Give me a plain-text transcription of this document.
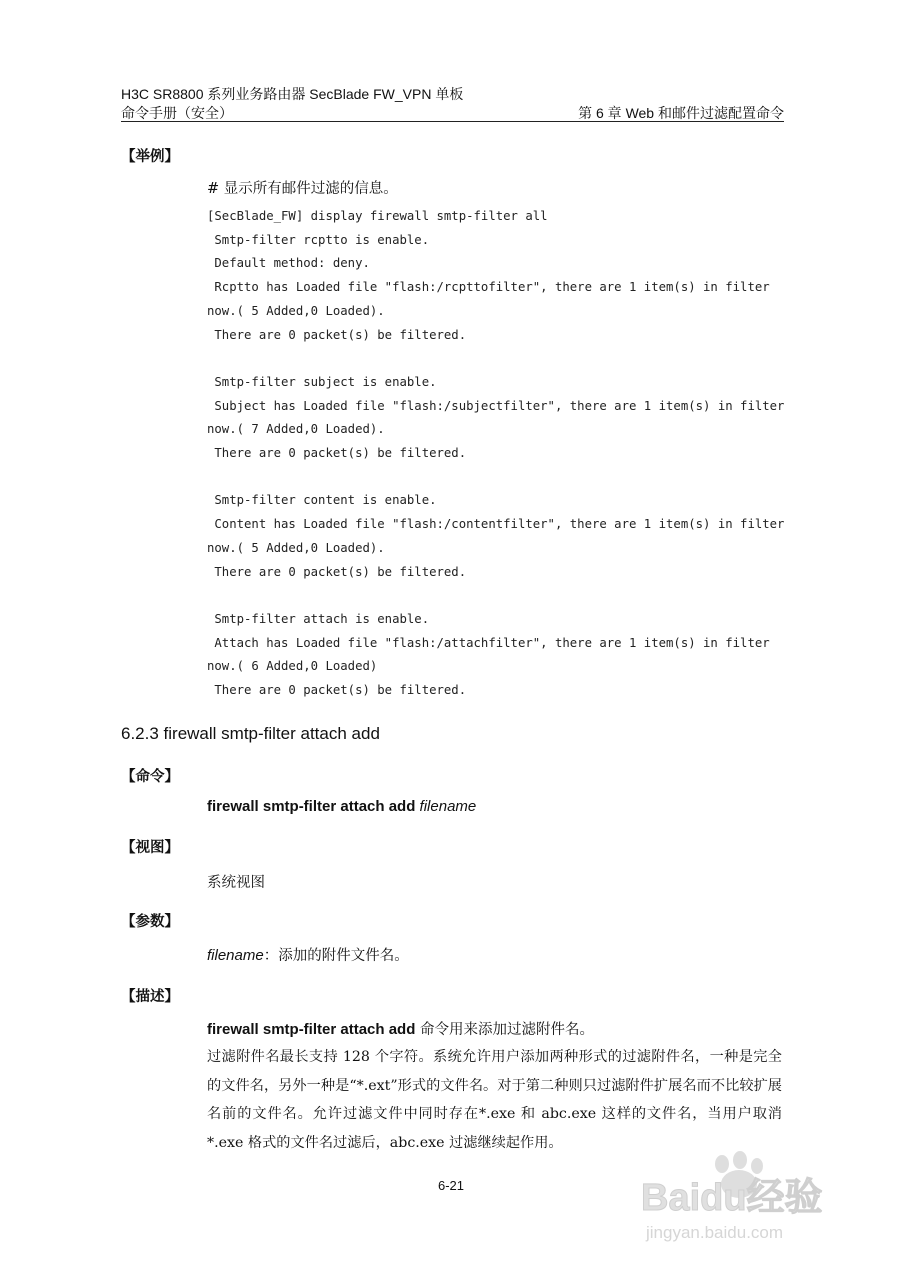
H3C SR8800 系列业务路由器 SecBlade FW_VPN 单板
命令手册（安全）	第 6 章 Web 和邮件过滤配置命令
【举例】
# 显示所有邮件过滤的信息。
[SecBlade_FW] display firewall smtp-filter all
Smtp-filter rcptto is enable.
Default method: deny.
Rcptto has Loaded file "flash:/rcpttofilter", there are 1 item(s) in filter
now.( 5 Added,0 Loaded).
There are 0 packet(s) be filtered.
Smtp-filter subject is enable.
Subject has Loaded file "flash:/subjectfilter", there are 1 item(s) in filter
now.( 7 Added,0 Loaded).
There are 0 packet(s) be filtered.
Smtp-filter content is enable.
Content has Loaded file "flash:/contentfilter", there are 1 item(s) in filter
now.( 5 Added,0 Loaded).
There are 0 packet(s) be filtered.
Smtp-filter attach is enable.
Attach has Loaded file "flash:/attachfilter", there are 1 item(s) in filter
now.( 6 Added,0 Loaded)
There are 0 packet(s) be filtered.
6.2.3 firewall smtp-filter attach add
【命令】
firewall smtp-filter attach add filename
【视图】
系统视图
【参数】
filename：添加的附件文件名。
【描述】
firewall smtp-filter attach add 命令用来添加过滤附件名。
过滤附件名最长支持 128 个字符。系统允许用户添加两种形式的过滤附件名，一种是完全的文件名，另外一种是“*.ext”形式的文件名。对于第二种则只过滤附件扩展名而不比较扩展名前的文件名。允许过滤文件中同时存在*.exe 和 abc.exe 这样的文件名，当用户取消*.exe 格式的文件名过滤后，abc.exe 过滤继续起作用。
6-21	Baidu经验
jingyan.baidu.com
